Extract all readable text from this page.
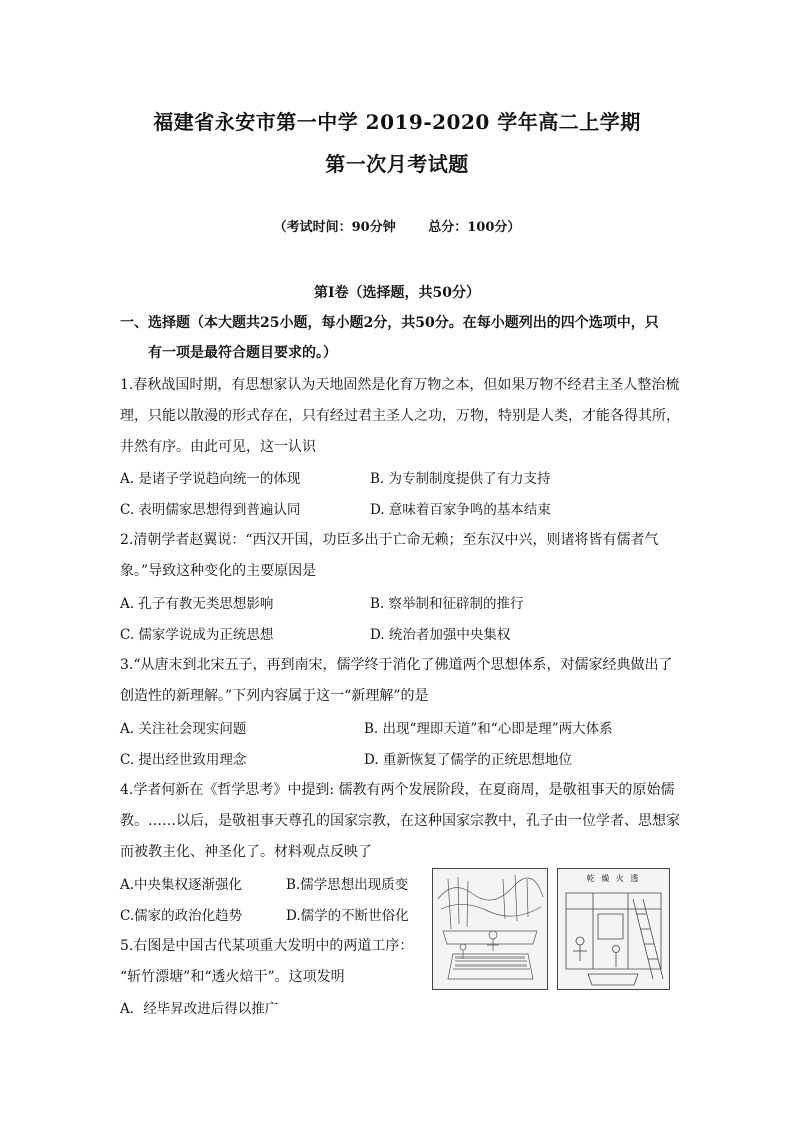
福建省永安市第一中学 2019-2020 学年高二上学期
第一次月考试题
（考试时间：90分钟	总分：100分）
第Ⅰ卷（选择题，共50分）
一、选择题（本大题共25小题，每小题2分，共50分。在每小题列出的四个选项中，只
有一项是最符合题目要求的。）
1.春秋战国时期，有思想家认为天地固然是化育万物之本，但如果万物不经君主圣人整治梳
理，只能以散漫的形式存在，只有经过君主圣人之功，万物，特别是人类，才能各得其所，
井然有序。由此可见，这一认识
A. 是诸子学说趋向统一的体现	B. 为专制制度提供了有力支持
C. 表明儒家思想得到普遍认同	D. 意味着百家争鸣的基本结束
2.清朝学者赵翼说：“西汉开国，功臣多出于亡命无赖；至东汉中兴，则诸将皆有儒者气
象。”导致这种变化的主要原因是
A. 孔子有教无类思想影响	B. 察举制和征辟制的推行
C. 儒家学说成为正统思想	D. 统治者加强中央集权
3.“从唐末到北宋五子，再到南宋，儒学终于消化了佛道两个思想体系，对儒家经典做出了
创造性的新理解。”下列内容属于这一“新理解”的是
A. 关注社会现实问题	B. 出现“理即天道”和“心即是理”两大体系
C. 提出经世致用理念	D. 重新恢复了儒学的正统思想地位
4.学者何新在《哲学思考》中提到: 儒教有两个发展阶段，在夏商周，是敬祖事天的原始儒
教。……以后，是敬祖事天尊孔的国家宗教，在这种国家宗教中，孔子由一位学者、思想家
而被教主化、神圣化了。材料观点反映了
A.中央集权逐渐强化	B.儒学思想出现质变
C.儒家的政治化趋势	D.儒学的不断世俗化
5.右图是中国古代某项重大发明中的两道工序：
“斩竹漂塘”和“透火焙干”。这项发明
A．经毕昇改进后得以推广
乾 燥 火 透
